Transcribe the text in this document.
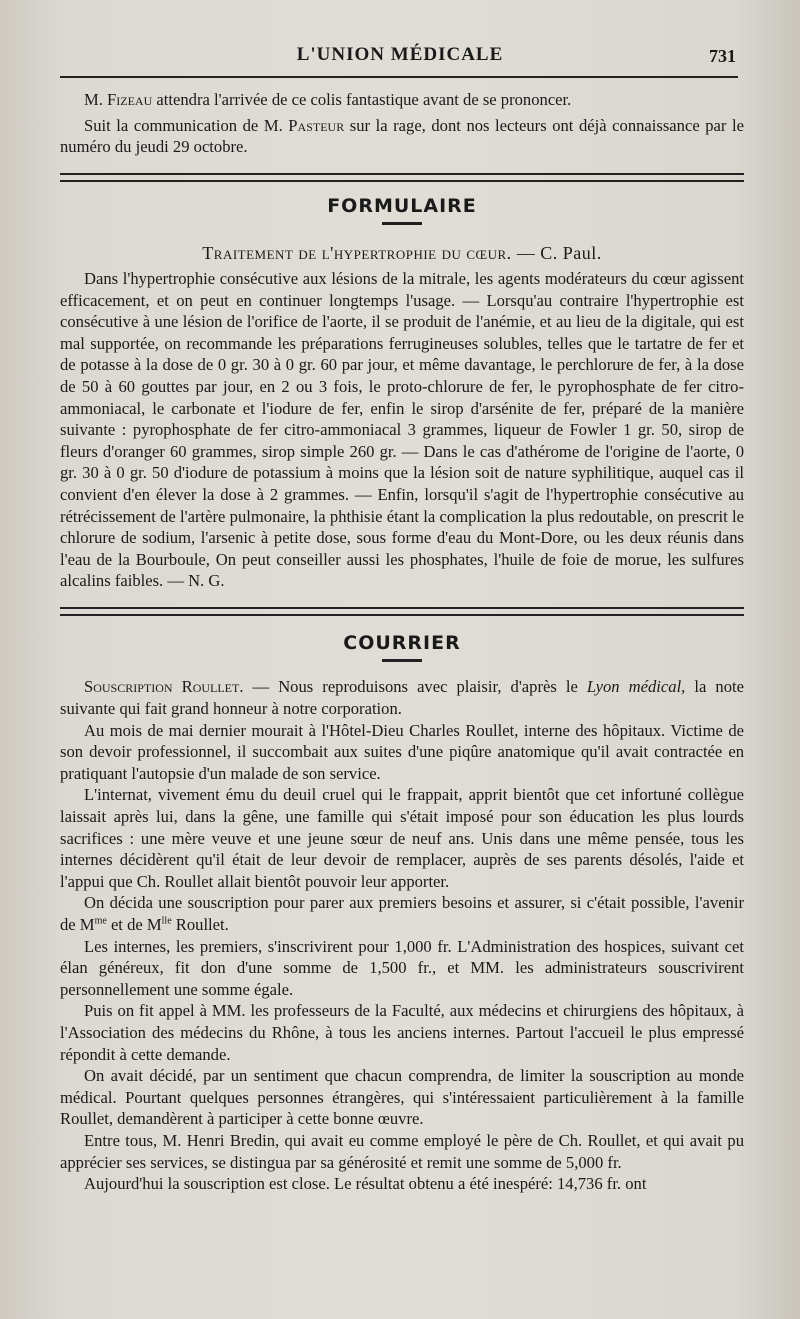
L'UNION MÉDICALE	731

M. Fizeau attendra l'arrivée de ce colis fantastique avant de se prononcer.

Suit la communication de M. Pasteur sur la rage, dont nos lecteurs ont déjà connaissance par le numéro du jeudi 29 octobre.

FORMULAIRE

Traitement de l'hypertrophie du cœur. — C. Paul.

Dans l'hypertrophie consécutive aux lésions de la mitrale, les agents modérateurs du cœur agissent efficacement, et on peut en continuer longtemps l'usage. — Lorsqu'au contraire l'hypertrophie est consécutive à une lésion de l'orifice de l'aorte, il se produit de l'anémie, et au lieu de la digitale, qui est mal supportée, on recommande les préparations ferrugineuses solubles, telles que le tartatre de fer et de potasse à la dose de 0 gr. 30 à 0 gr. 60 par jour, et même davantage, le perchlorure de fer, à la dose de 50 à 60 gouttes par jour, en 2 ou 3 fois, le proto-chlorure de fer, le pyrophosphate de fer citro-ammoniacal, le carbonate et l'iodure de fer, enfin le sirop d'arsénite de fer, préparé de la manière suivante : pyrophosphate de fer citro-ammoniacal 3 grammes, liqueur de Fowler 1 gr. 50, sirop de fleurs d'oranger 60 grammes, sirop simple 260 gr. — Dans le cas d'athérome de l'origine de l'aorte, 0 gr. 30 à 0 gr. 50 d'iodure de potassium à moins que la lésion soit de nature syphilitique, auquel cas il convient d'en élever la dose à 2 grammes. — Enfin, lorsqu'il s'agit de l'hypertrophie consécutive au rétrécissement de l'artère pulmonaire, la phthisie étant la complication la plus redoutable, on prescrit le chlorure de sodium, l'arsenic à petite dose, sous forme d'eau du Mont-Dore, ou les deux réunis dans l'eau de la Bourboule, On peut conseiller aussi les phosphates, l'huile de foie de morue, les sulfures alcalins faibles. — N. G.

COURRIER

Souscription Roullet. — Nous reproduisons avec plaisir, d'après le Lyon médical, la note suivante qui fait grand honneur à notre corporation.

Au mois de mai dernier mourait à l'Hôtel-Dieu Charles Roullet, interne des hôpitaux. Victime de son devoir professionnel, il succombait aux suites d'une piqûre anatomique qu'il avait contractée en pratiquant l'autopsie d'un malade de son service.

L'internat, vivement ému du deuil cruel qui le frappait, apprit bientôt que cet infortuné collègue laissait après lui, dans la gêne, une famille qui s'était imposé pour son éducation les plus lourds sacrifices : une mère veuve et une jeune sœur de neuf ans. Unis dans une même pensée, tous les internes décidèrent qu'il était de leur devoir de remplacer, auprès de ses parents désolés, l'aide et l'appui que Ch. Roullet allait bientôt pouvoir leur apporter.

On décida une souscription pour parer aux premiers besoins et assurer, si c'était possible, l'avenir de $M^{me}$ et de $M^{lle}$ Roullet.

Les internes, les premiers, s'inscrivirent pour 1,000 fr. L'Administration des hospices, suivant cet élan généreux, fit don d'une somme de 1,500 fr., et MM. les administrateurs souscrivirent personnellement une somme égale.

Puis on fit appel à MM. les professeurs de la Faculté, aux médecins et chirurgiens des hôpitaux, à l'Association des médecins du Rhône, à tous les anciens internes. Partout l'accueil le plus empressé répondit à cette demande.

On avait décidé, par un sentiment que chacun comprendra, de limiter la souscription au monde médical. Pourtant quelques personnes étrangères, qui s'intéressaient particulièrement à la famille Roullet, demandèrent à participer à cette bonne œuvre.

Entre tous, M. Henri Bredin, qui avait eu comme employé le père de Ch. Roullet, et qui avait pu apprécier ses services, se distingua par sa générosité et remit une somme de 5,000 fr.

Aujourd'hui la souscription est close. Le résultat obtenu a été inespéré: 14,736 fr. ont
